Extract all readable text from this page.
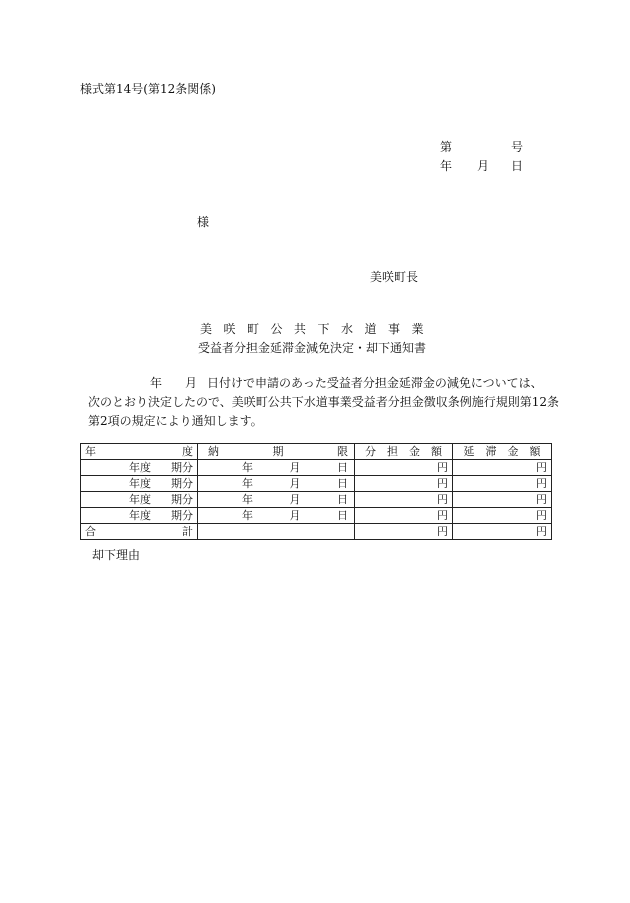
様式第14号(第12条関係)
第	号
年 月 日
様
美咲町長
美咲町公共下水道事業
受益者分担金延滞金減免決定・却下通知書
年 月 日付けで申請のあった受益者分担金延滞金の減免については、
次のとおり決定したので、美咲町公共下水道事業受益者分担金徴収条例施行規則第12条
第2項の規定により通知します。
年 度	納 期 限	分　担　金　額	延　滞　金　額

年度 期分	年 月 日	円	円

年度 期分	年 月 日	円	円

年度 期分	年 月 日	円	円

年度 期分	年 月 日	円	円

合 計		円	円
却下理由
